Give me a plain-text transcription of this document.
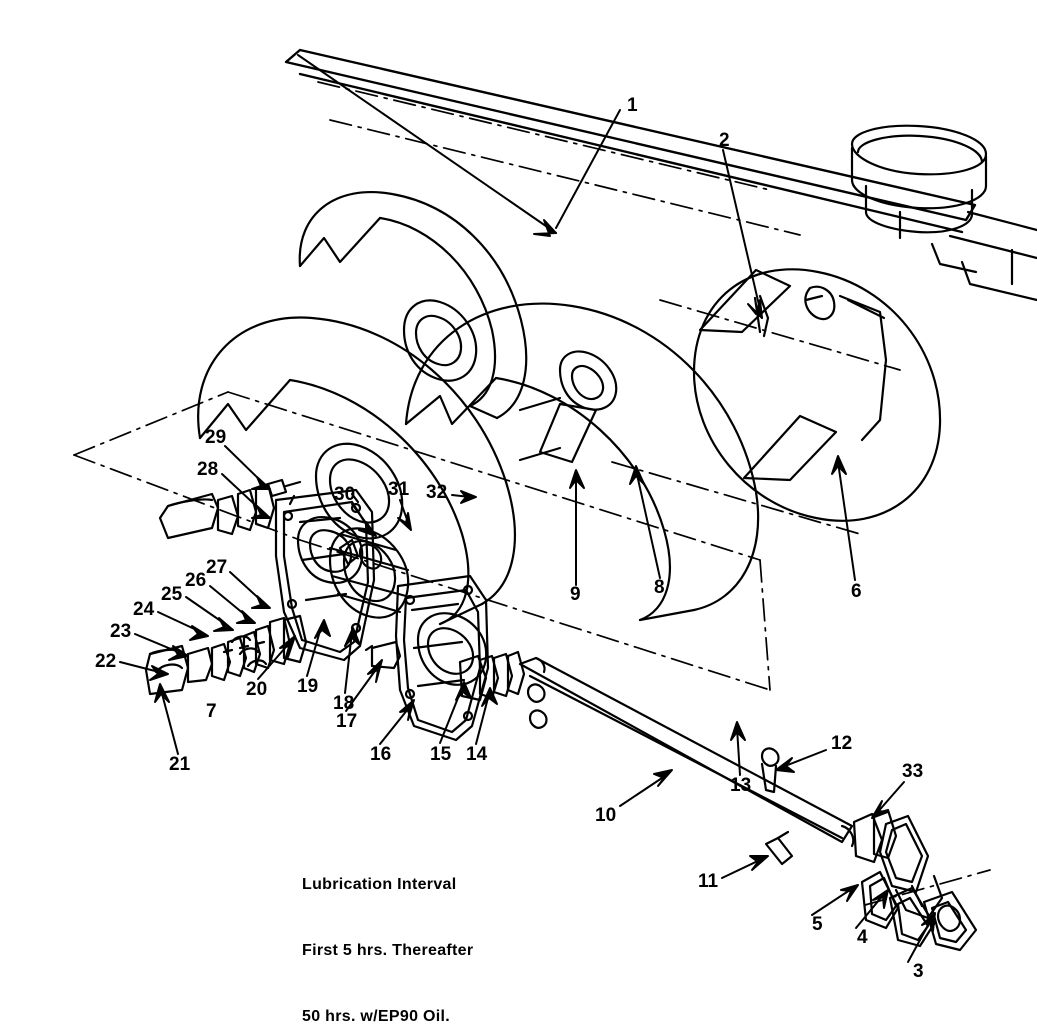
1
2
3
4
5
6
7
8
9
10
11
12
13
14
15
16
17
18
19
20
21
22
23
24
25
26
27
28
29
30 31 32
33

Lubrication Interval

First 5 hrs. Thereafter

50 hrs. w/EP90 Oil.
